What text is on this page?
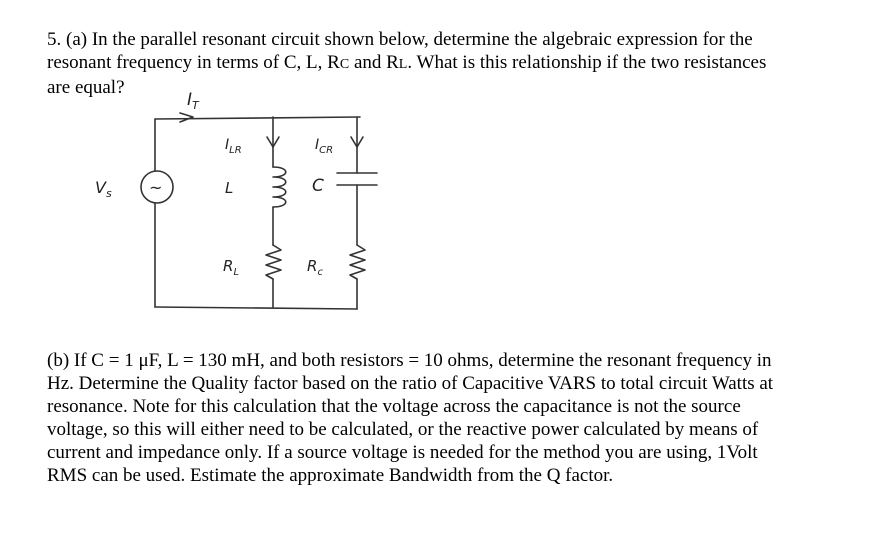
5. (a) In the parallel resonant circuit shown below, determine the algebraic expression for the
resonant frequency in terms of C, L, RC and RL. What is this relationship if the two resistances
are equal?
$I_T$
$I_{LR}$	$I_{CR}$
$V_s$ ~	L	C
$R_L$	$R_c$
(b) If C = 1 μF, L = 130 mH, and both resistors = 10 ohms, determine the resonant frequency in
Hz. Determine the Quality factor based on the ratio of Capacitive VARS to total circuit Watts at
resonance. Note for this calculation that the voltage across the capacitance is not the source
voltage, so this will either need to be calculated, or the reactive power calculated by means of
current and impedance only. If a source voltage is needed for the method you are using, 1Volt
RMS can be used. Estimate the approximate Bandwidth from the Q factor.
